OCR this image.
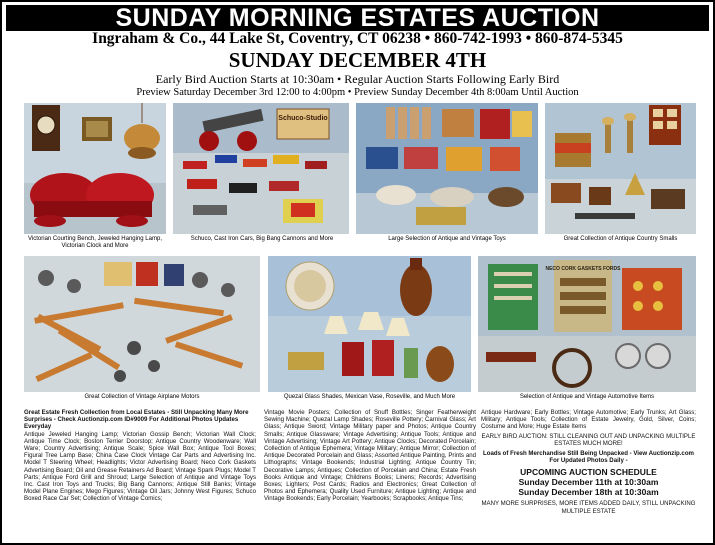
SUNDAY MORNING ESTATES AUCTION
Ingraham & Co., 44 Lake St, Coventry, CT 06238 • 860-742-1993 • 860-874-5345
SUNDAY DECEMBER 4TH
Early Bird Auction Starts at 10:30am • Regular Auction Starts Following Early Bird
Preview Saturday December 3rd 12:00 to 4:00pm • Preview Sunday December 4th 8:00am Until Auction
Victorian Courting Bench, Jeweled Hanging Lamp, Victorian Clock and More
Schuco-Studio
Schuco, Cast Iron Cars, Big Bang Cannons and More	Large Selection of Antique and Vintage Toys	Great Collection of Antique Country Smalls
Great Collection of Vintage Airplane Motors	Quezal Glass Shades, Mexican Vase, Roseville, and Much More
NECO CORK GASKETS FORDS
Selection of Antique and Vintage Automotive Items
Great Estate Fresh Collection from Local Estates - Still Unpacking Many More Surprises - Check Auctionzip.com ID#9009 For Additional Photos Updates Everyday
Antique Jeweled Hanging Lamp; Victorian Gossip Bench; Victorian Wall Clock; Antique Time Clock; Boston Terrier Doorstop; Antique Country Woodenware; Wall Ware; Country Advertising; Antique Scale; Spice Wall Box; Antique Tool Boxes; Figural Tree Lamp Base; China Case Clock Vintage Car Parts and Advertising Inc. Model T Steering Wheel; Headlights; Victor Advertising Board; Neco Cork Gaskets Advertising Board; Oil and Grease Retainers Ad Board; Vintage Spark Plugs; Model T Parts; Antique Ford Grill and Shroud; Large Selection of Antique and Vintage Toys Inc. Cast Iron Toys and Trucks; Big Bang Cannons; Antique Still Banks; Vintage Model Plane Engines; Mego Figures; Vintage Oil Jars; Johnny West Figures; Schuco Boxed Race Car Set; Collection of Vintage Comics;
Vintage Movie Posters; Collection of Snuff Bottles; Singer Featherweight Sewing Machine; Quezal Lamp Shades; Roseville Pottery; Carnival Glass; Art Glass; Antique Sword; Vintage Military paper and Photos; Antique Country Smalls; Antique Glassware; Vintage Advertising; Antique Tools; Antique and Vintage Advertising; Vintage Art Pottery; Antique Clocks; Decorated Porcelain; Collection of Antique Ephemera; Vintage Military; Antique Mirror; Collection of Antique Decorated Porcelain and Glass; Assorted Antique Painting, Prints and Lithographs; Vintage Bookends; Industrial Lighting; Antique Country Tin; Decorative Lamps; Antiques; Collection of Porcelain and China; Estate Fresh Books Antique and Vintage; Childrens Books; Linens; Records; Advertising Boxes; Lighters; Post Cards; Radios and Electronics; Great Collection of Photos and Ephemera; Quality Used Furniture; Antique Lighting; Antique and Vintage Bookends; Early Porcelain; Yearbooks; Scrapbooks; Antique Tins;
Antique Hardware; Early Bottles; Vintage Automotive; Early Trunks; Art Glass; Military; Antique Tools; Collection of Estate Jewelry, Gold, Silver, Coins; Costume and More; Huge Estate Items
EARLY BIRD AUCTION: STILL CLEANING OUT AND UNPACKING MULTIPLE ESTATES MUCH MORE!
Loads of Fresh Merchandise Still Being Unpacked - View Auctionzip.com For Updated Photos Daily -
UPCOMING AUCTION SCHEDULE
Sunday December 11th at 10:30am
Sunday December 18th at 10:30am
MANY MORE SURPRISES, MORE ITEMS ADDED DAILY, STILL UNPACKING MULTIPLE ESTATE
